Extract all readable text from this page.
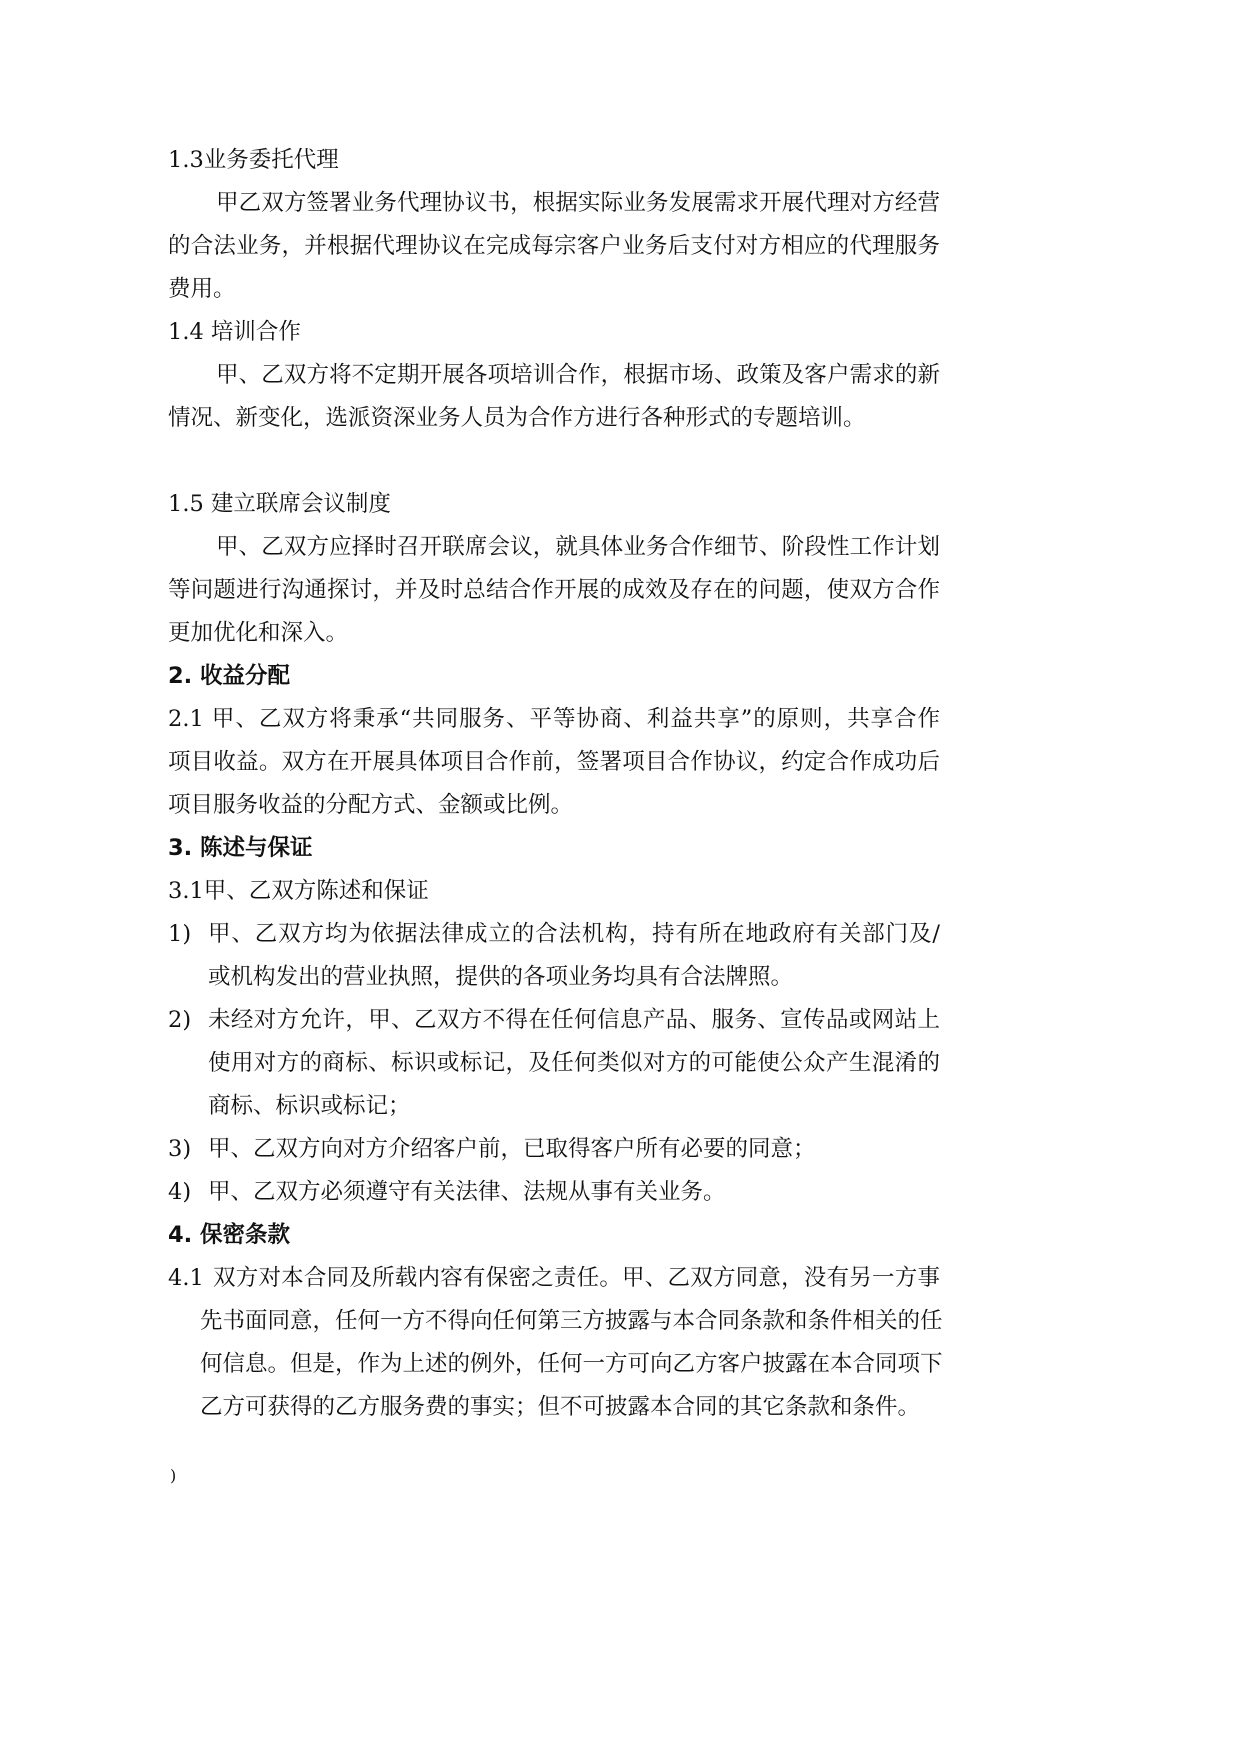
1.3业务委托代理
甲乙双方签署业务代理协议书，根据实际业务发展需求开展代理对方经营
的合法业务，并根据代理协议在完成每宗客户业务后支付对方相应的代理服务
费用。
1.4 培训合作
甲、乙双方将不定期开展各项培训合作，根据市场、政策及客户需求的新
情况、新变化，选派资深业务人员为合作方进行各种形式的专题培训。
1.5 建立联席会议制度
甲、乙双方应择时召开联席会议，就具体业务合作细节、阶段性工作计划
等问题进行沟通探讨，并及时总结合作开展的成效及存在的问题，使双方合作
更加优化和深入。
2. 收益分配
2.1 甲、乙双方将秉承“共同服务、平等协商、利益共享”的原则，共享合作
项目收益。双方在开展具体项目合作前，签署项目合作协议，约定合作成功后
项目服务收益的分配方式、金额或比例。
3. 陈述与保证
3.1甲、乙双方陈述和保证
1) 甲、乙双方均为依据法律成立的合法机构，持有所在地政府有关部门及/
或机构发出的营业执照，提供的各项业务均具有合法牌照。
2) 未经对方允许，甲、乙双方不得在任何信息产品、服务、宣传品或网站上
使用对方的商标、标识或标记，及任何类似对方的可能使公众产生混淆的
商标、标识或标记；
3) 甲、乙双方向对方介绍客户前，已取得客户所有必要的同意；
4) 甲、乙双方必须遵守有关法律、法规从事有关业务。
4. 保密条款
4.1 双方对本合同及所载内容有保密之责任。甲、乙双方同意，没有另一方事
先书面同意，任何一方不得向任何第三方披露与本合同条款和条件相关的任
何信息。但是，作为上述的例外，任何一方可向乙方客户披露在本合同项下
乙方可获得的乙方服务费的事实；但不可披露本合同的其它条款和条件。
)
